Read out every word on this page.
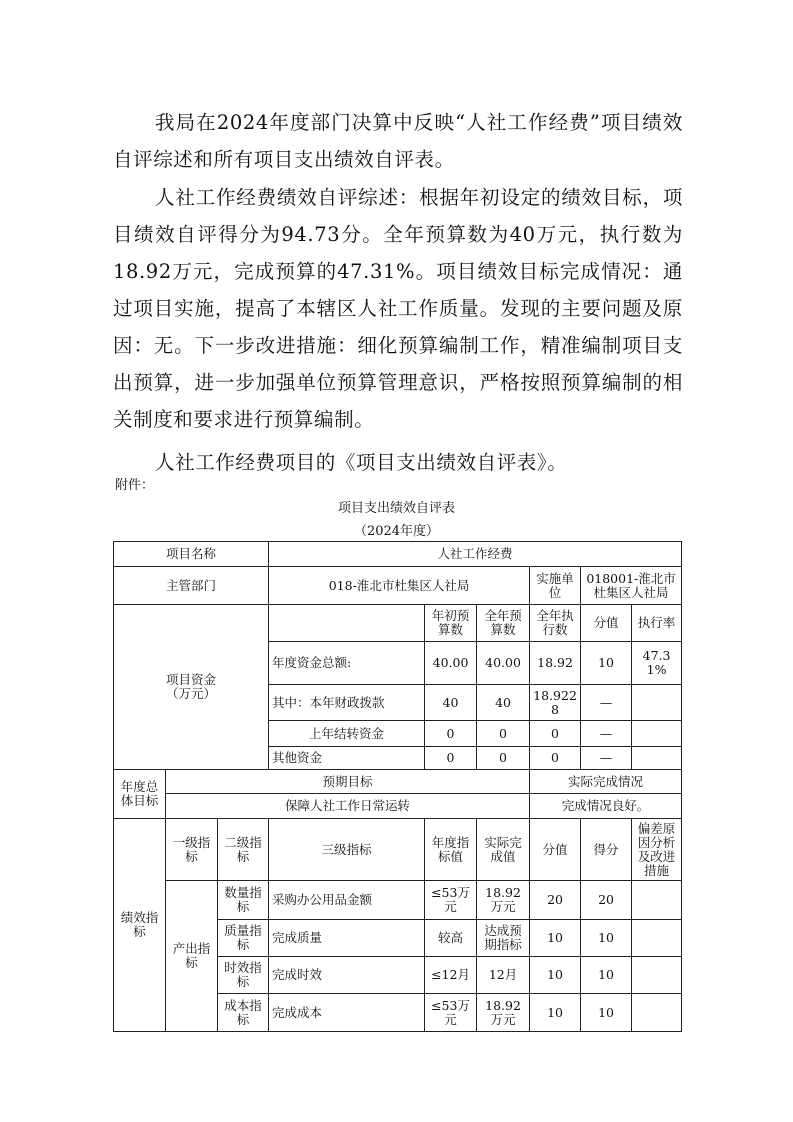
我局在2024年度部门决算中反映“人社工作经费”项目绩效自评综述和所有项目支出绩效自评表。

人社工作经费绩效自评综述：根据年初设定的绩效目标，项目绩效自评得分为94.73分。全年预算数为40万元，执行数为18.92万元，完成预算的47.31%。项目绩效目标完成情况：通过项目实施，提高了本辖区人社工作质量。发现的主要问题及原因：无。下一步改进措施：细化预算编制工作，精准编制项目支出预算，进一步加强单位预算管理意识，严格按照预算编制的相关制度和要求进行预算编制。

人社工作经费项目的《项目支出绩效自评表》。

附件：
项目支出绩效自评表
（2024年度）
项目名称			人社工作经费						
主管部门			018-淮北市杜集区人社局			实施单位	018001-淮北市杜集区人社局		

项目资金
（万元）				年初预算数	全年预算数	全年执行数	分值	执行率	
			年度资金总额:	40.00	40.00	18.92	10	47.31%	
			其中：本年财政拨款	40	40	18.9228	—		
			上年结转资金	0	0	0	—		
			其他资金	0	0	0	—		
年度总体目标	预期目标					实际完成情况			
	保障人社工作日常运转					完成情况良好。			
绩效指标	一级指标	二级指标	三级指标	年度指标值	实际完成值	分值	得分	偏差原因分析及改进措施	
	产出指标	数量指标	采购办公用品金额	≤53万元	18.92万元	20	20		
		质量指标	完成质量	较高	达成预期指标	10	10		
		时效指标	完成时效	≤12月	12月	10	10		
		成本指标	完成成本	≤53万元	18.92万元	10	10		
